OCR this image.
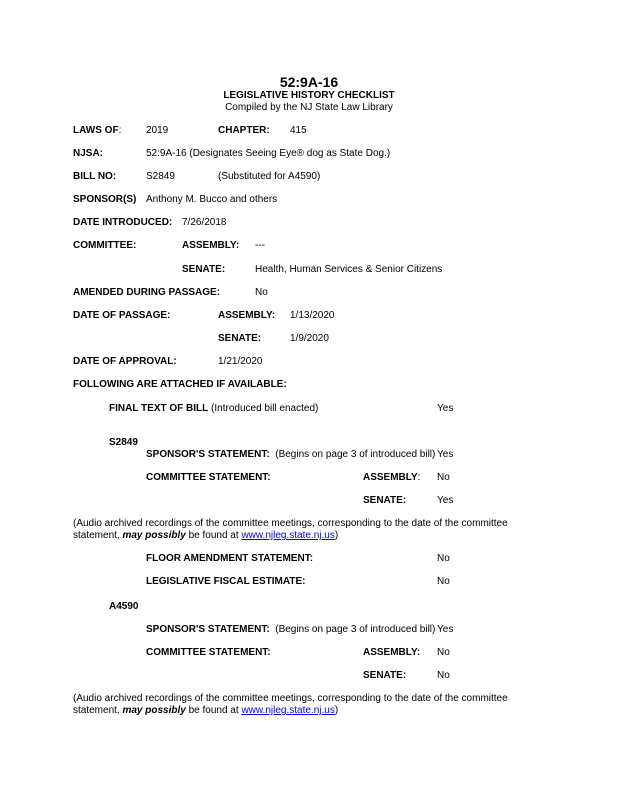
52:9A-16
LEGISLATIVE HISTORY CHECKLIST
Compiled by the NJ State Law Library
LAWS OF: 2019	CHAPTER: 415
NJSA:	52:9A-16 (Designates Seeing Eye® dog as State Dog.)
BILL NO:	S2849	(Substituted for A4590)
SPONSOR(S) Anthony M. Bucco and others
DATE INTRODUCED: 7/26/2018
COMMITTEE:	ASSEMBLY: ---
SENATE:	Health, Human Services & Senior Citizens
AMENDED DURING PASSAGE:	No
DATE OF PASSAGE:	ASSEMBLY: 1/13/2020
SENATE:	1/9/2020
DATE OF APPROVAL:	1/21/2020
FOLLOWING ARE ATTACHED IF AVAILABLE:
FINAL TEXT OF BILL (Introduced bill enacted)	Yes
S2849
SPONSOR'S STATEMENT: (Begins on page 3 of introduced bill) Yes
COMMITTEE STATEMENT:	ASSEMBLY: No
SENATE:	Yes
(Audio archived recordings of the committee meetings, corresponding to the date of the committee statement, may possibly be found at www.njleg.state.nj.us)
FLOOR AMENDMENT STATEMENT:	No
LEGISLATIVE FISCAL ESTIMATE:	No
A4590
SPONSOR'S STATEMENT: (Begins on page 3 of introduced bill) Yes
COMMITTEE STATEMENT:	ASSEMBLY: No
SENATE:	No
(Audio archived recordings of the committee meetings, corresponding to the date of the committee statement, may possibly be found at www.njleg.state.nj.us)
